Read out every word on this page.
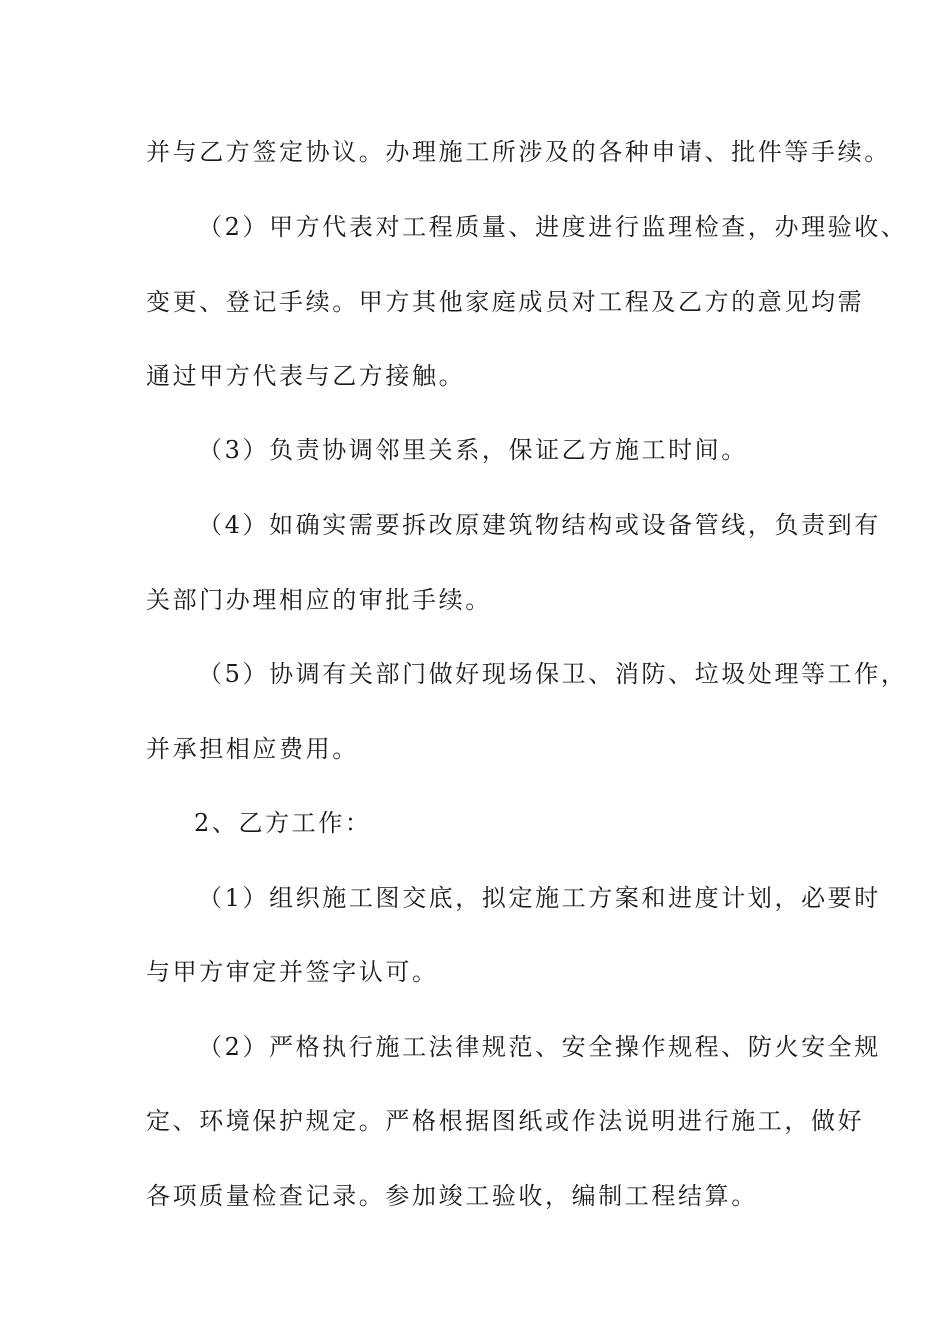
并与乙方签定协议。办理施工所涉及的各种申请、批件等手续。
（2）甲方代表对工程质量、进度进行监理检查，办理验收、
变更、登记手续。甲方其他家庭成员对工程及乙方的意见均需
通过甲方代表与乙方接触。
（3）负责协调邻里关系，保证乙方施工时间。
（4）如确实需要拆改原建筑物结构或设备管线，负责到有
关部门办理相应的审批手续。
（5）协调有关部门做好现场保卫、消防、垃圾处理等工作，
并承担相应费用。
2、乙方工作：
（1）组织施工图交底，拟定施工方案和进度计划，必要时
与甲方审定并签字认可。
（2）严格执行施工法律规范、安全操作规程、防火安全规
定、环境保护规定。严格根据图纸或作法说明进行施工，做好
各项质量检查记录。参加竣工验收，编制工程结算。
